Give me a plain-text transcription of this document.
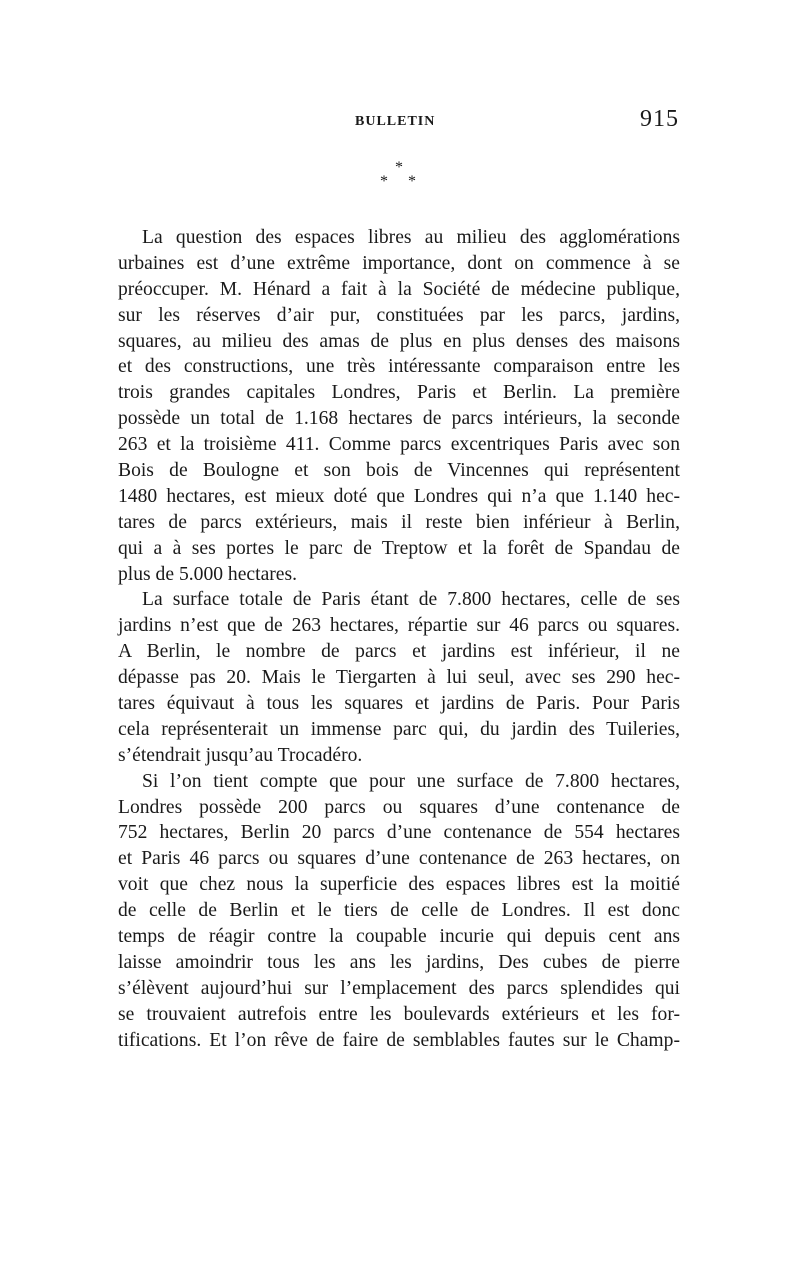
BULLETIN	915
*
* *
La question des espaces libres au milieu des agglomérations
urbaines est d’une extrême importance, dont on commence à se
préoccuper. M. Hénard a fait à la Société de médecine publique,
sur les réserves d’air pur, constituées par les parcs, jardins,
squares, au milieu des amas de plus en plus denses des maisons
et des constructions, une très intéressante comparaison entre les
trois grandes capitales Londres, Paris et Berlin. La première
possède un total de 1.168 hectares de parcs intérieurs, la seconde
263 et la troisième 411. Comme parcs excentriques Paris avec son
Bois de Boulogne et son bois de Vincennes qui représentent
1480 hectares, est mieux doté que Londres qui n’a que 1.140 hec-
tares de parcs extérieurs, mais il reste bien inférieur à Berlin,
qui a à ses portes le parc de Treptow et la forêt de Spandau de
plus de 5.000 hectares.
La surface totale de Paris étant de 7.800 hectares, celle de ses
jardins n’est que de 263 hectares, répartie sur 46 parcs ou squares.
A Berlin, le nombre de parcs et jardins est inférieur, il ne
dépasse pas 20. Mais le Tiergarten à lui seul, avec ses 290 hec-
tares équivaut à tous les squares et jardins de Paris. Pour Paris
cela représenterait un immense parc qui, du jardin des Tuileries,
s’étendrait jusqu’au Trocadéro.
Si l’on tient compte que pour une surface de 7.800 hectares,
Londres possède 200 parcs ou squares d’une contenance de
752 hectares, Berlin 20 parcs d’une contenance de 554 hectares
et Paris 46 parcs ou squares d’une contenance de 263 hectares, on
voit que chez nous la superficie des espaces libres est la moitié
de celle de Berlin et le tiers de celle de Londres. Il est donc
temps de réagir contre la coupable incurie qui depuis cent ans
laisse amoindrir tous les ans les jardins, Des cubes de pierre
s’élèvent aujourd’hui sur l’emplacement des parcs splendides qui
se trouvaient autrefois entre les boulevards extérieurs et les for-
tifications. Et l’on rêve de faire de semblables fautes sur le Champ-
